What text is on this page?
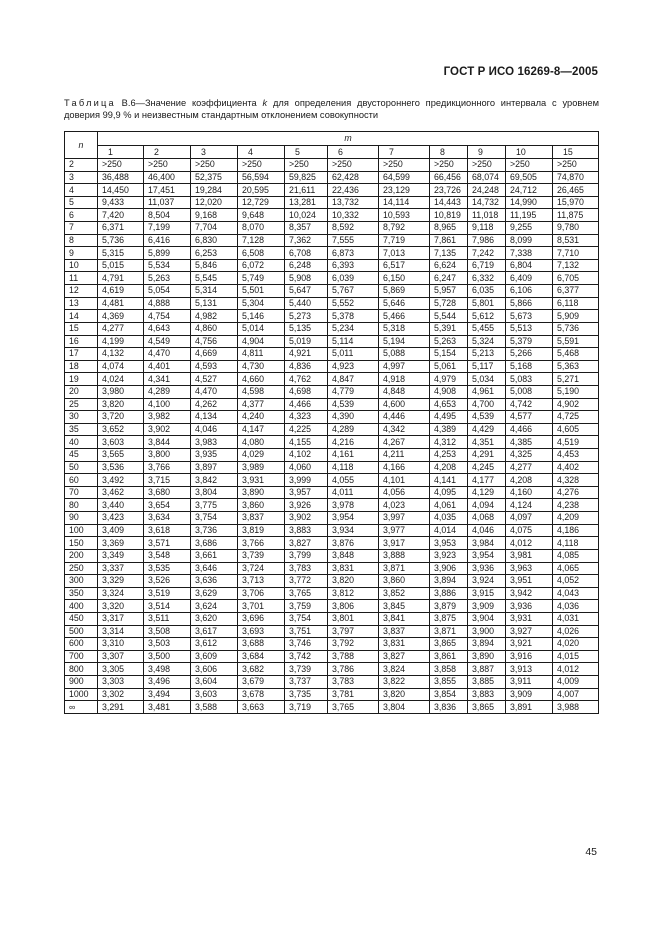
ГОСТ Р ИСО 16269-8—2005
Таблица В.6—Значение коэффициента k для определения двустороннего предикционного интервала с уровнем доверия 99,9 % и неизвестным стандартным отклонением совокупности
n	m										
	1	2	3	4	5	6	7	8	9	10	15
2	>250	>250	>250	>250	>250	>250	>250	>250	>250	>250	>250
3	36,488	46,400	52,375	56,594	59,825	62,428	64,599	66,456	68,074	69,505	74,870
4	14,450	17,451	19,284	20,595	21,611	22,436	23,129	23,726	24,248	24,712	26,465
5	9,433	11,037	12,020	12,729	13,281	13,732	14,114	14,443	14,732	14,990	15,970
6	7,420	8,504	9,168	9,648	10,024	10,332	10,593	10,819	11,018	11,195	11,875
7	6,371	7,199	7,704	8,070	8,357	8,592	8,792	8,965	9,118	9,255	9,780
8	5,736	6,416	6,830	7,128	7,362	7,555	7,719	7,861	7,986	8,099	8,531
9	5,315	5,899	6,253	6,508	6,708	6,873	7,013	7,135	7,242	7,338	7,710
10	5,015	5,534	5,846	6,072	6,248	6,393	6,517	6,624	6,719	6,804	7,132
11	4,791	5,263	5,545	5,749	5,908	6,039	6,150	6,247	6,332	6,409	6,705
12	4,619	5,054	5,314	5,501	5,647	5,767	5,869	5,957	6,035	6,106	6,377
13	4,481	4,888	5,131	5,304	5,440	5,552	5,646	5,728	5,801	5,866	6,118
14	4,369	4,754	4,982	5,146	5,273	5,378	5,466	5,544	5,612	5,673	5,909
15	4,277	4,643	4,860	5,014	5,135	5,234	5,318	5,391	5,455	5,513	5,736
16	4,199	4,549	4,756	4,904	5,019	5,114	5,194	5,263	5,324	5,379	5,591
17	4,132	4,470	4,669	4,811	4,921	5,011	5,088	5,154	5,213	5,266	5,468
18	4,074	4,401	4,593	4,730	4,836	4,923	4,997	5,061	5,117	5,168	5,363
19	4,024	4,341	4,527	4,660	4,762	4,847	4,918	4,979	5,034	5,083	5,271
20	3,980	4,289	4,470	4,598	4,698	4,779	4,848	4,908	4,961	5,008	5,190
25	3,820	4,100	4,262	4,377	4,466	4,539	4,600	4,653	4,700	4,742	4,902
30	3,720	3,982	4,134	4,240	4,323	4,390	4,446	4,495	4,539	4,577	4,725
35	3,652	3,902	4,046	4,147	4,225	4,289	4,342	4,389	4,429	4,466	4,605
40	3,603	3,844	3,983	4,080	4,155	4,216	4,267	4,312	4,351	4,385	4,519
45	3,565	3,800	3,935	4,029	4,102	4,161	4,211	4,253	4,291	4,325	4,453
50	3,536	3,766	3,897	3,989	4,060	4,118	4,166	4,208	4,245	4,277	4,402
60	3,492	3,715	3,842	3,931	3,999	4,055	4,101	4,141	4,177	4,208	4,328
70	3,462	3,680	3,804	3,890	3,957	4,011	4,056	4,095	4,129	4,160	4,276
80	3,440	3,654	3,775	3,860	3,926	3,978	4,023	4,061	4,094	4,124	4,238
90	3,423	3,634	3,754	3,837	3,902	3,954	3,997	4,035	4,068	4,097	4,209
100	3,409	3,618	3,736	3,819	3,883	3,934	3,977	4,014	4,046	4,075	4,186
150	3,369	3,571	3,686	3,766	3,827	3,876	3,917	3,953	3,984	4,012	4,118
200	3,349	3,548	3,661	3,739	3,799	3,848	3,888	3,923	3,954	3,981	4,085
250	3,337	3,535	3,646	3,724	3,783	3,831	3,871	3,906	3,936	3,963	4,065
300	3,329	3,526	3,636	3,713	3,772	3,820	3,860	3,894	3,924	3,951	4,052
350	3,324	3,519	3,629	3,706	3,765	3,812	3,852	3,886	3,915	3,942	4,043
400	3,320	3,514	3,624	3,701	3,759	3,806	3,845	3,879	3,909	3,936	4,036
450	3,317	3,511	3,620	3,696	3,754	3,801	3,841	3,875	3,904	3,931	4,031
500	3,314	3,508	3,617	3,693	3,751	3,797	3,837	3,871	3,900	3,927	4,026
600	3,310	3,503	3,612	3,688	3,746	3,792	3,831	3,865	3,894	3,921	4,020
700	3,307	3,500	3,609	3,684	3,742	3,788	3,827	3,861	3,890	3,916	4,015
800	3,305	3,498	3,606	3,682	3,739	3,786	3,824	3,858	3,887	3,913	4,012
900	3,303	3,496	3,604	3,679	3,737	3,783	3,822	3,855	3,885	3,911	4,009
1000	3,302	3,494	3,603	3,678	3,735	3,781	3,820	3,854	3,883	3,909	4,007
∞	3,291	3,481	3,588	3,663	3,719	3,765	3,804	3,836	3,865	3,891	3,988
45
